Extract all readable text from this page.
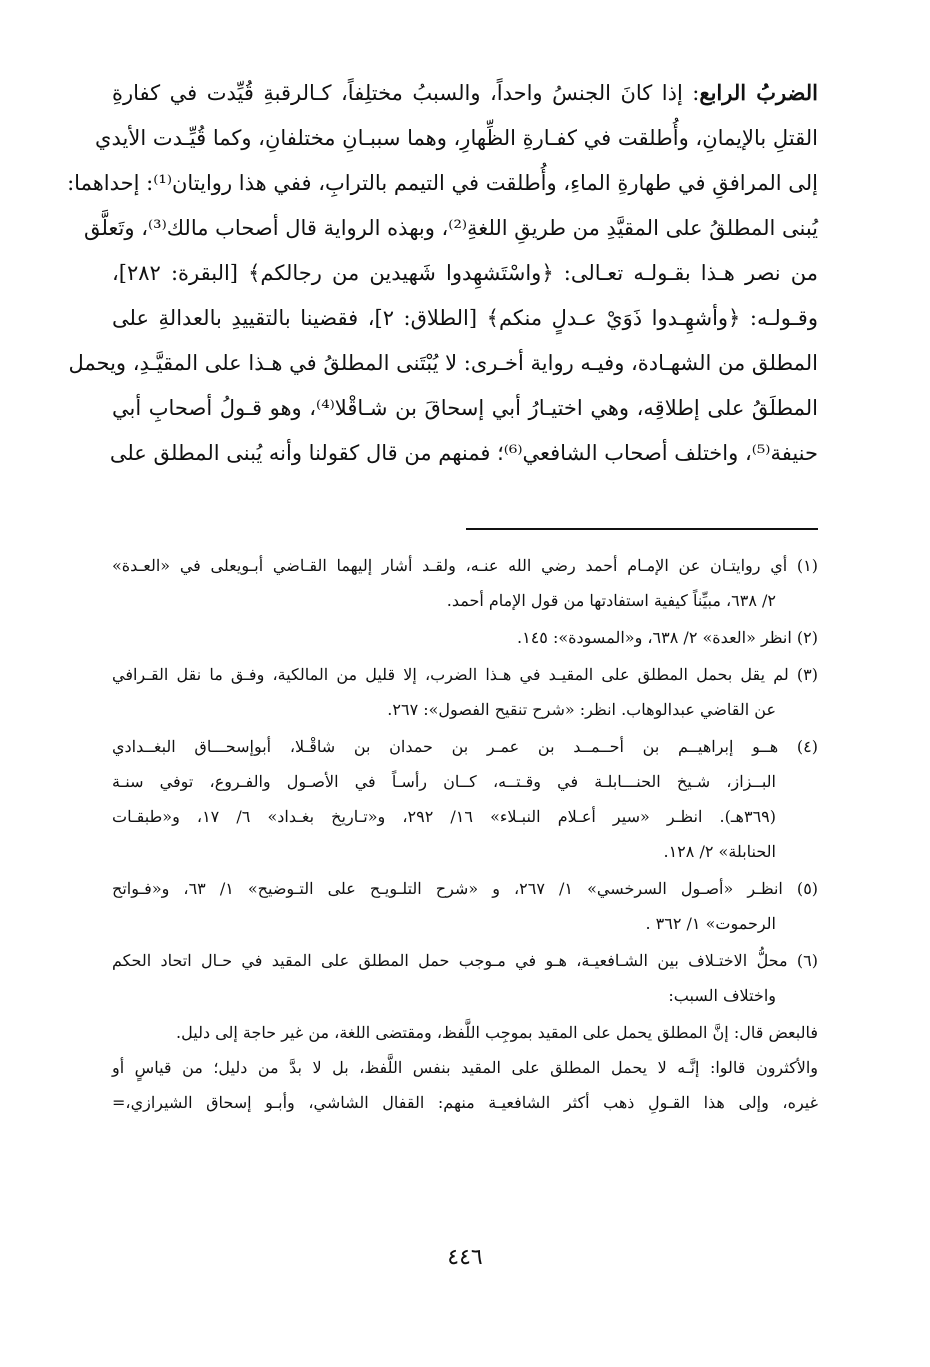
الضربُ الرابع: إذا كانَ الجنسُ واحداً، والسببُ مختلِفاً، كـالرقبةِ قُيِّدت في كفارةِ
القتلِ بالإيمانِ، وأُطلقت في كفـارةِ الظِّهارِ، وهما سببـانِ مختلفانِ، وكما قُيِّـدت الأيدي
إلى المرافقِ في طهارةِ الماءِ، وأُطلقت في التيمم بالترابِ، ففي هذا روايتان⁽¹⁾: إحداهما:
يُبنى المطلقُ على المقيَّدِ من طريقِ اللغةِ⁽²⁾، وبهذه الرواية قال أصحاب مالك⁽³⁾، وتَعلَّق
من نصر هـذا بقـولـه تعـالى: ﴿واسْتَشهِدوا شَهيدين من رجالكم﴾ [البقرة: ٢٨٢]،
وقـولـه: ﴿وأشهِـدوا ذَوَيْ عـدلٍ منكم﴾ [الطلاق: ٢]، فقضينا بالتقييدِ بالعدالةِ على
المطلق من الشهـادة، وفيـه رواية أخـرى: لا يُبْتَنى المطلقُ في هـذا على المقيَّـدِ، ويحمل
المطلَقُ على إطلاقِه، وهي اختيـارُ أبي إسحاقَ بن شـاقْلا⁽⁴⁾، وهو قـولُ أصحابِ أبي
حنيفة⁽⁵⁾، واختلف أصحاب الشافعي⁽⁶⁾؛ فمنهم من قال كقولنا وأنه يُبنى المطلق على
(١) أي روايتـان عن الإمـام أحمد رضي الله عنـه، ولقـد أشار إليهما القـاضي أبـويعلى في «العـدة»
٢/ ٦٣٨، مبيِّناً كيفية استفادتها من قول الإمام أحمد.
(٢) انظر «العدة» ٢/ ٦٣٨، و«المسودة»: ١٤٥.
(٣) لم يقل بحمل المطلق على المقيـد في هـذا الضرب، إلا قليل من المالكية، وفـق ما نقل القـرافي
عن القاضي عبدالوهاب. انظر: «شرح تنقيح الفصول»: ٢٦٧.
(٤) هــو إبراهيــم بن أحــمــد بن عمـر بن حمدان بن شاقْـلا، أبوإسحـــاق البغــدادي
البــزاز، شـيخ الحنـــابلـة في وقـتــه، كــان رأسـاً في الأصـول والفـروع، توفي سنـة
(٣٦٩هـ). انظـر «سير أعـلام النبـلاء» ١٦/ ٢٩٢، و«تـاريخ بغـداد» ٦/ ١٧، و«طبقـات
الحنابلة» ٢/ ١٢٨.
(٥) انظـر «أصـول السرخسي» ١/ ٢٦٧، و «شرح التلـويـح على التـوضيح» ١/ ٦٣، و«فـواتح
الرحموت» ١/ ٣٦٢ .
(٦) محلُّ الاختـلاف بين الشـافعيـة، هـو في مـوجب حمل المطلق على المقيد في حـال اتحاد الحكم
واختلاف السبب:
فالبعض قال: إنَّ المطلق يحمل على المقيد بموجِب اللَّفظ، ومقتضى اللغة، من غير حاجة إلى دليل.
والأكثرون قالوا: إنَّـه لا يحمل المطلق على المقيد بنفس اللَّفظ، بل لا بدَّ من دليل؛ من قياسٍ أو
غيره، وإلى هذا القـولِ ذهب أكثر الشافعيـة منهم: القفال الشاشي، وأبـو إسحاق الشيرازي،=
٤٤٦
